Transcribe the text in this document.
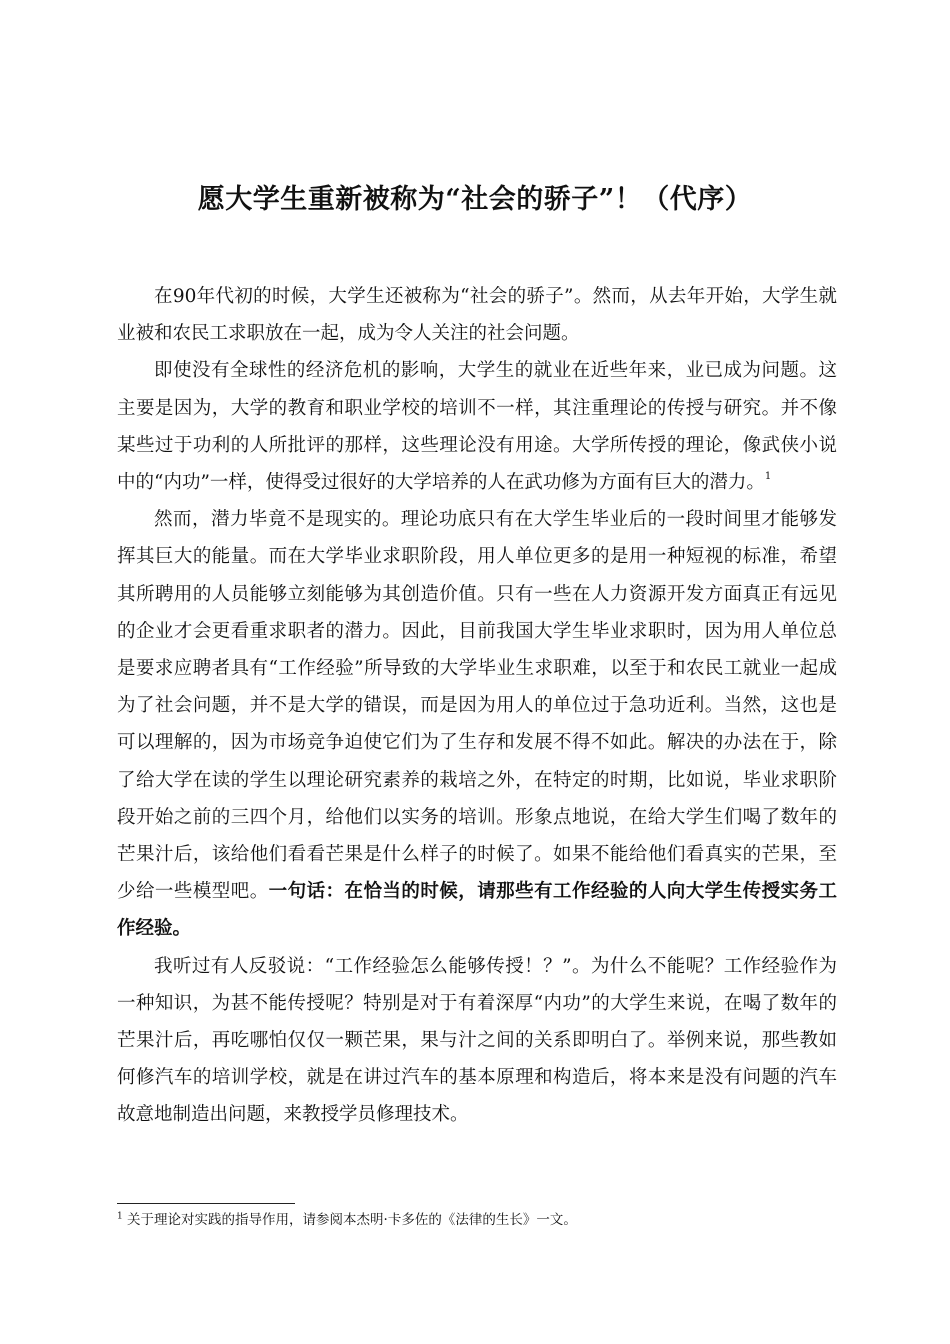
愿大学生重新被称为“社会的骄子”！（代序）

在90年代初的时候，大学生还被称为“社会的骄子”。然而，从去年开始，大学生就业被和农民工求职放在一起，成为令人关注的社会问题。

即使没有全球性的经济危机的影响，大学生的就业在近些年来，业已成为问题。这主要是因为，大学的教育和职业学校的培训不一样，其注重理论的传授与研究。并不像某些过于功利的人所批评的那样，这些理论没有用途。大学所传授的理论，像武侠小说中的“内功”一样，使得受过很好的大学培养的人在武功修为方面有巨大的潜力。$^1$

然而，潜力毕竟不是现实的。理论功底只有在大学生毕业后的一段时间里才能够发挥其巨大的能量。而在大学毕业求职阶段，用人单位更多的是用一种短视的标准，希望其所聘用的人员能够立刻能够为其创造价值。只有一些在人力资源开发方面真正有远见的企业才会更看重求职者的潜力。因此，目前我国大学生毕业求职时，因为用人单位总是要求应聘者具有“工作经验”所导致的大学毕业生求职难，以至于和农民工就业一起成为了社会问题，并不是大学的错误，而是因为用人的单位过于急功近利。当然，这也是可以理解的，因为市场竞争迫使它们为了生存和发展不得不如此。解决的办法在于，除了给大学在读的学生以理论研究素养的栽培之外，在特定的时期，比如说，毕业求职阶段开始之前的三四个月，给他们以实务的培训。形象点地说，在给大学生们喝了数年的芒果汁后，该给他们看看芒果是什么样子的时候了。如果不能给他们看真实的芒果，至少给一些模型吧。一句话：在恰当的时候，请那些有工作经验的人向大学生传授实务工作经验。

我听过有人反驳说：“工作经验怎么能够传授！？”。为什么不能呢？工作经验作为一种知识，为甚不能传授呢？特别是对于有着深厚“内功”的大学生来说，在喝了数年的芒果汁后，再吃哪怕仅仅一颗芒果，果与汁之间的关系即明白了。举例来说，那些教如何修汽车的培训学校，就是在讲过汽车的基本原理和构造后，将本来是没有问题的汽车故意地制造出问题，来教授学员修理技术。

$^1$ 关于理论对实践的指导作用，请参阅本杰明·卡多佐的《法律的生长》一文。
